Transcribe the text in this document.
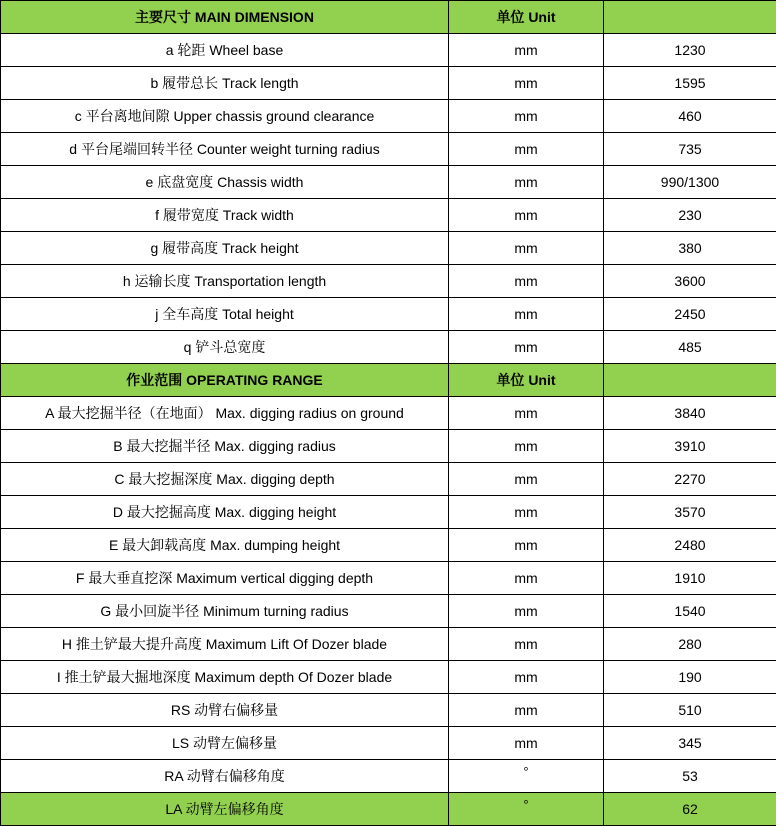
主要尺寸 MAIN DIMENSION	单位 Unit	
a 轮距 Wheel base	mm	1230
b 履带总长 Track length	mm	1595
c 平台离地间隙 Upper chassis ground clearance	mm	460
d 平台尾端回转半径 Counter weight turning radius	mm	735
e 底盘宽度 Chassis width	mm	990/1300
f 履带宽度 Track width	mm	230
g 履带高度 Track height	mm	380
h 运输长度 Transportation length	mm	3600
j 全车高度 Total height	mm	2450
q 铲斗总宽度	mm	485
作业范围 OPERATING RANGE	单位 Unit	
A 最大挖掘半径（在地面） Max. digging radius on ground	mm	3840
B 最大挖掘半径 Max. digging radius	mm	3910
C 最大挖掘深度 Max. digging depth	mm	2270
D 最大挖掘高度 Max. digging height	mm	3570
E 最大卸载高度 Max. dumping height	mm	2480
F 最大垂直挖深 Maximum vertical digging depth	mm	1910
G 最小回旋半径 Minimum turning radius	mm	1540
H 推土铲最大提升高度 Maximum Lift Of Dozer blade	mm	280
I 推土铲最大掘地深度 Maximum depth Of Dozer blade	mm	190
RS 动臂右偏移量	mm	510
LS 动臂左偏移量	mm	345
RA 动臂右偏移角度	°	53
LA 动臂左偏移角度	°	62
